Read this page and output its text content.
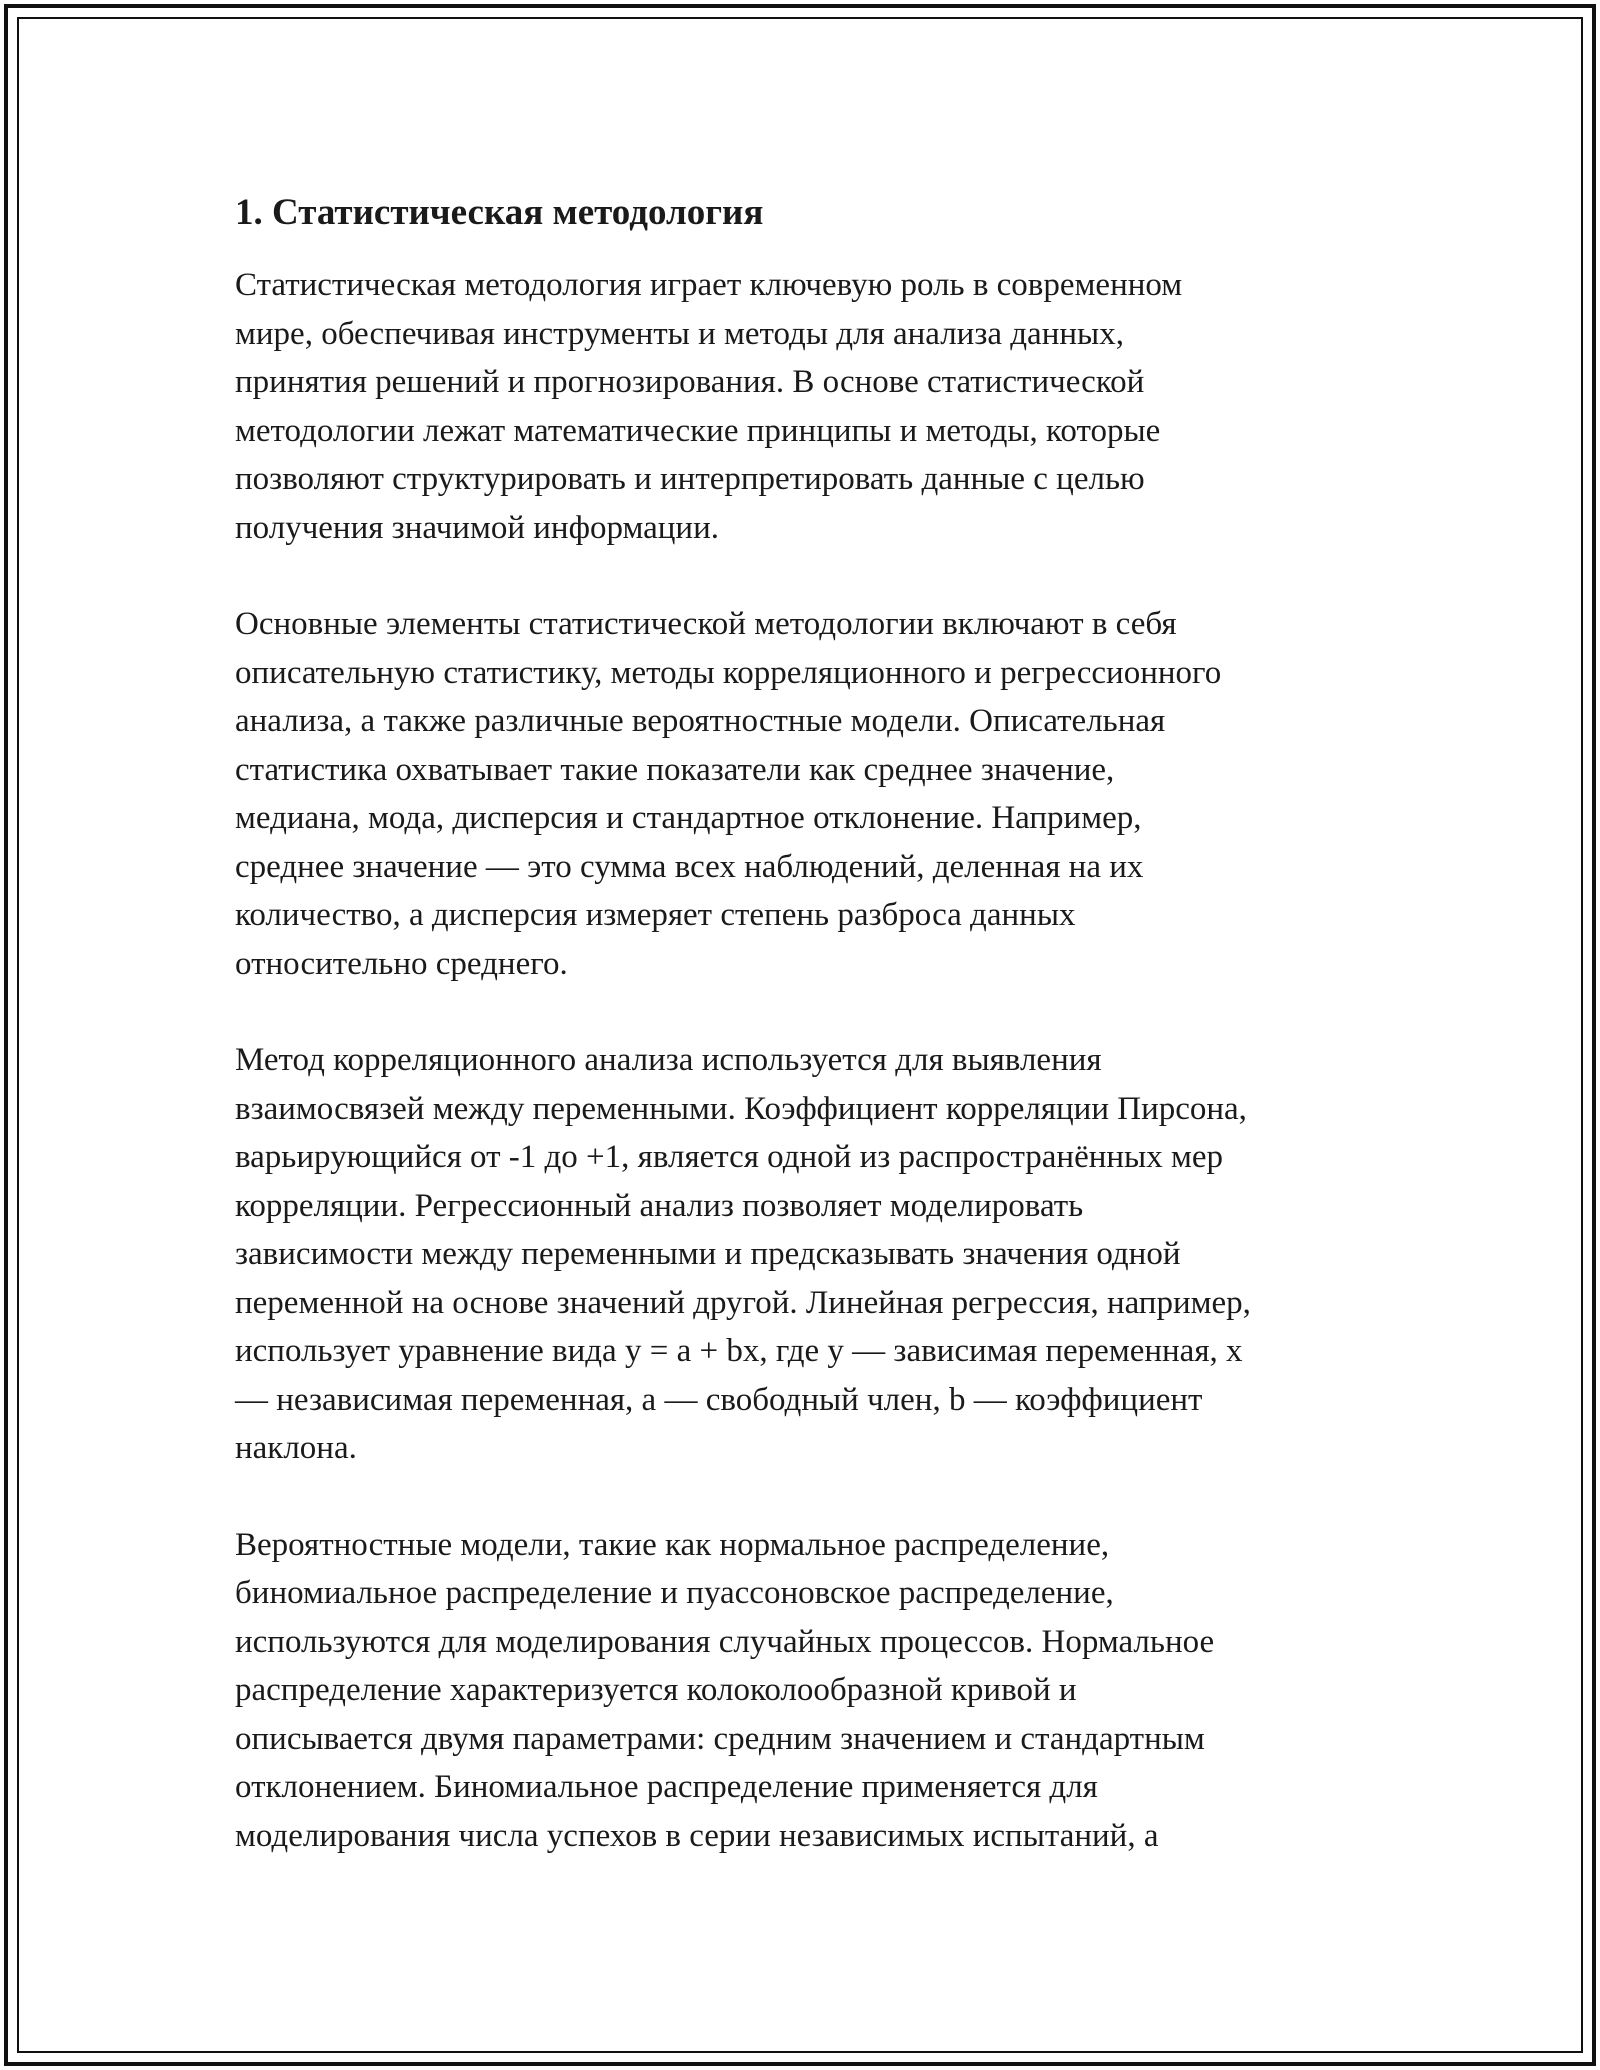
1. Статистическая методология

Статистическая методология играет ключевую роль в современном
мире, обеспечивая инструменты и методы для анализа данных,
принятия решений и прогнозирования. В основе статистической
методологии лежат математические принципы и методы, которые
позволяют структурировать и интерпретировать данные с целью
получения значимой информации.

Основные элементы статистической методологии включают в себя
описательную статистику, методы корреляционного и регрессионного
анализа, а также различные вероятностные модели. Описательная
статистика охватывает такие показатели как среднее значение,
медиана, мода, дисперсия и стандартное отклонение. Например,
среднее значение — это сумма всех наблюдений, деленная на их
количество, а дисперсия измеряет степень разброса данных
относительно среднего.

Метод корреляционного анализа используется для выявления
взаимосвязей между переменными. Коэффициент корреляции Пирсона,
варьирующийся от -1 до +1, является одной из распространённых мер
корреляции. Регрессионный анализ позволяет моделировать
зависимости между переменными и предсказывать значения одной
переменной на основе значений другой. Линейная регрессия, например,
использует уравнение вида y = a + bx, где y — зависимая переменная, x
— независимая переменная, a — свободный член, b — коэффициент
наклона.

Вероятностные модели, такие как нормальное распределение,
биномиальное распределение и пуассоновское распределение,
используются для моделирования случайных процессов. Нормальное
распределение характеризуется колоколообразной кривой и
описывается двумя параметрами: средним значением и стандартным
отклонением. Биномиальное распределение применяется для
моделирования числа успехов в серии независимых испытаний, а
